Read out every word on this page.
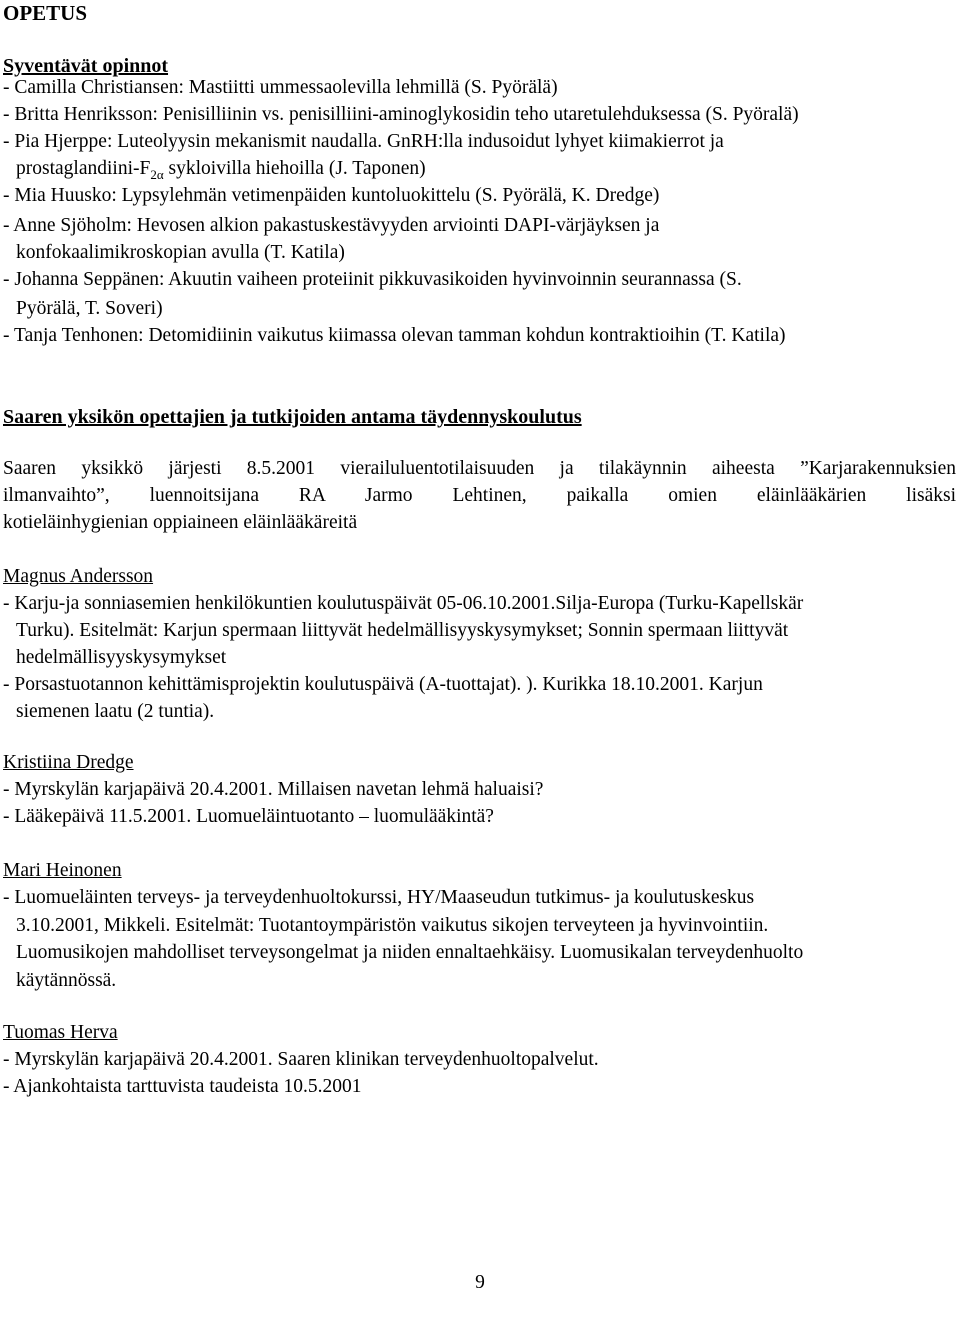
OPETUS
Syventävät opinnot
- Camilla Christiansen: Mastiitti ummessaolevilla lehmillä (S. Pyörälä)
- Britta Henriksson: Penisilliinin vs. penisilliini-aminoglykosidin teho utaretulehduksessa (S. Pyöralä)
- Pia Hjerppe: Luteolyysin mekanismit naudalla. GnRH:lla indusoidut lyhyet kiimakierrot ja
prostaglandiini-$F_{2\alpha}$ sykloivilla hiehoilla (J. Taponen)
- Mia Huusko: Lypsylehmän vetimenpäiden kuntoluokittelu (S. Pyörälä, K. Dredge)
- Anne Sjöholm: Hevosen alkion pakastuskestävyyden arviointi DAPI-värjäyksen ja
konfokaalimikroskopian avulla (T. Katila)
- Johanna Seppänen: Akuutin vaiheen proteiinit pikkuvasikoiden hyvinvoinnin seurannassa (S.
Pyörälä, T. Soveri)
- Tanja Tenhonen: Detomidiinin vaikutus kiimassa olevan tamman kohdun kontraktioihin (T. Katila)
Saaren yksikön opettajien ja tutkijoiden antama täydennyskoulutus
Saaren yksikkö järjesti 8.5.2001 vierailuluentotilaisuuden ja tilakäynnin aiheesta ”Karjarakennuksien
ilmanvaihto”, luennoitsijana RA Jarmo Lehtinen, paikalla omien eläinlääkärien lisäksi
kotieläinhygienian oppiaineen eläinlääkäreitä
Magnus Andersson
- Karju-ja sonniasemien henkilökuntien koulutuspäivät 05-06.10.2001.Silja-Europa (Turku-Kapellskär
Turku). Esitelmät: Karjun spermaan liittyvät hedelmällisyyskysymykset; Sonnin spermaan liittyvät
hedelmällisyyskysymykset
- Porsastuotannon kehittämisprojektin koulutuspäivä (A-tuottajat). ). Kurikka 18.10.2001. Karjun
siemenen laatu (2 tuntia).
Kristiina Dredge
- Myrskylän karjapäivä 20.4.2001. Millaisen navetan lehmä haluaisi?
- Lääkepäivä 11.5.2001. Luomueläintuotanto – luomulääkintä?
Mari Heinonen
- Luomueläinten terveys- ja terveydenhuoltokurssi, HY/Maaseudun tutkimus- ja koulutuskeskus
3.10.2001, Mikkeli. Esitelmät: Tuotantoympäristön vaikutus sikojen terveyteen ja hyvinvointiin.
Luomusikojen mahdolliset terveysongelmat ja niiden ennaltaehkäisy. Luomusikalan terveydenhuolto
käytännössä.
Tuomas Herva
- Myrskylän karjapäivä 20.4.2001. Saaren klinikan terveydenhuoltopalvelut.
- Ajankohtaista tarttuvista taudeista 10.5.2001
9
